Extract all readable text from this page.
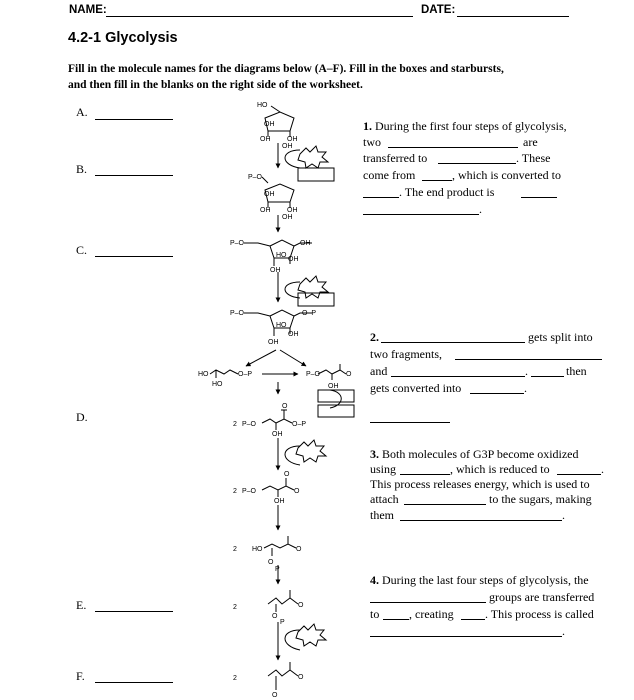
NAME:	DATE:
4.2-1 Glycolysis
Fill in the molecule names for the diagrams below (A–F). Fill in the boxes and starbursts,
and then fill in the blanks on the right side of the worksheet.
A.
B.
C.
D.
E.
F.
HO
OH
OH OH
OH
P–O
OH
OH OH
OH
P–O
HO
OH
OH
OH
P–O
HO
O–P
OH
OH
HO	O–P
HO
P–O
OH
O
2 P–O	O–P
OH
O
2 P–O
OH
O
O
2 HO	O
O
P
2	O
O
P
2	O
O
1. During the first four steps of glycolysis,
two	are
transferred to	. These
come from	, which is converted to
. The end product is
.
2.	gets split into
two fragments,
and	.	then
gets converted into	.
3. Both molecules of G3P become oxidized
using	, which is reduced to	.
This process releases energy, which is used to
attach	to the sugars, making
them	.
4. During the last four steps of glycolysis, the
groups are transferred
to , creating	. This process is called
.
